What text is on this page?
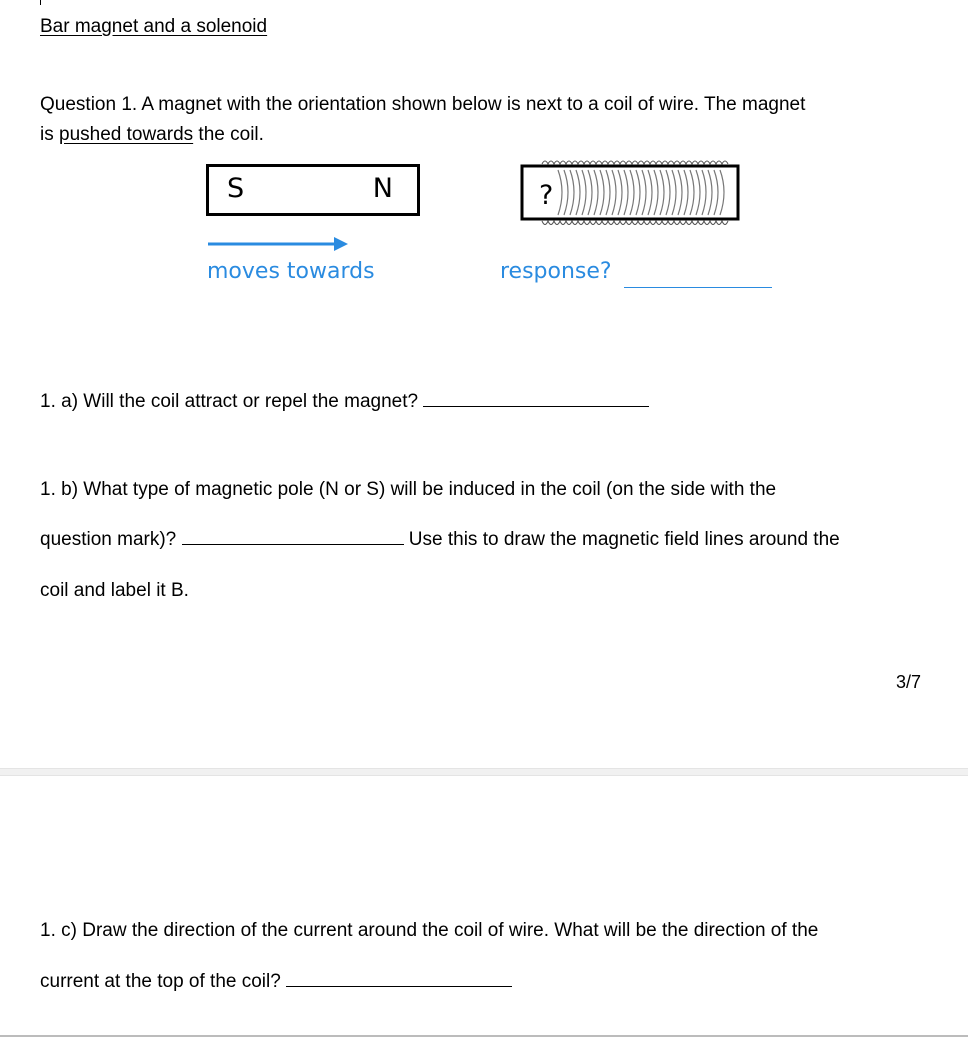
Bar magnet and a solenoid
Question 1. A magnet with the orientation shown below is next to a coil of wire. The magnet
is pushed towards the coil.
S	N	?
moves towards	response?
1. a) Will the coil attract or repel the magnet?
1. b) What type of magnetic pole (N or S) will be induced in the coil (on the side with the
question mark)?	Use this to draw the magnetic field lines around the
coil and label it B.
3/7
1. c) Draw the direction of the current around the coil of wire. What will be the direction of the
current at the top of the coil?
